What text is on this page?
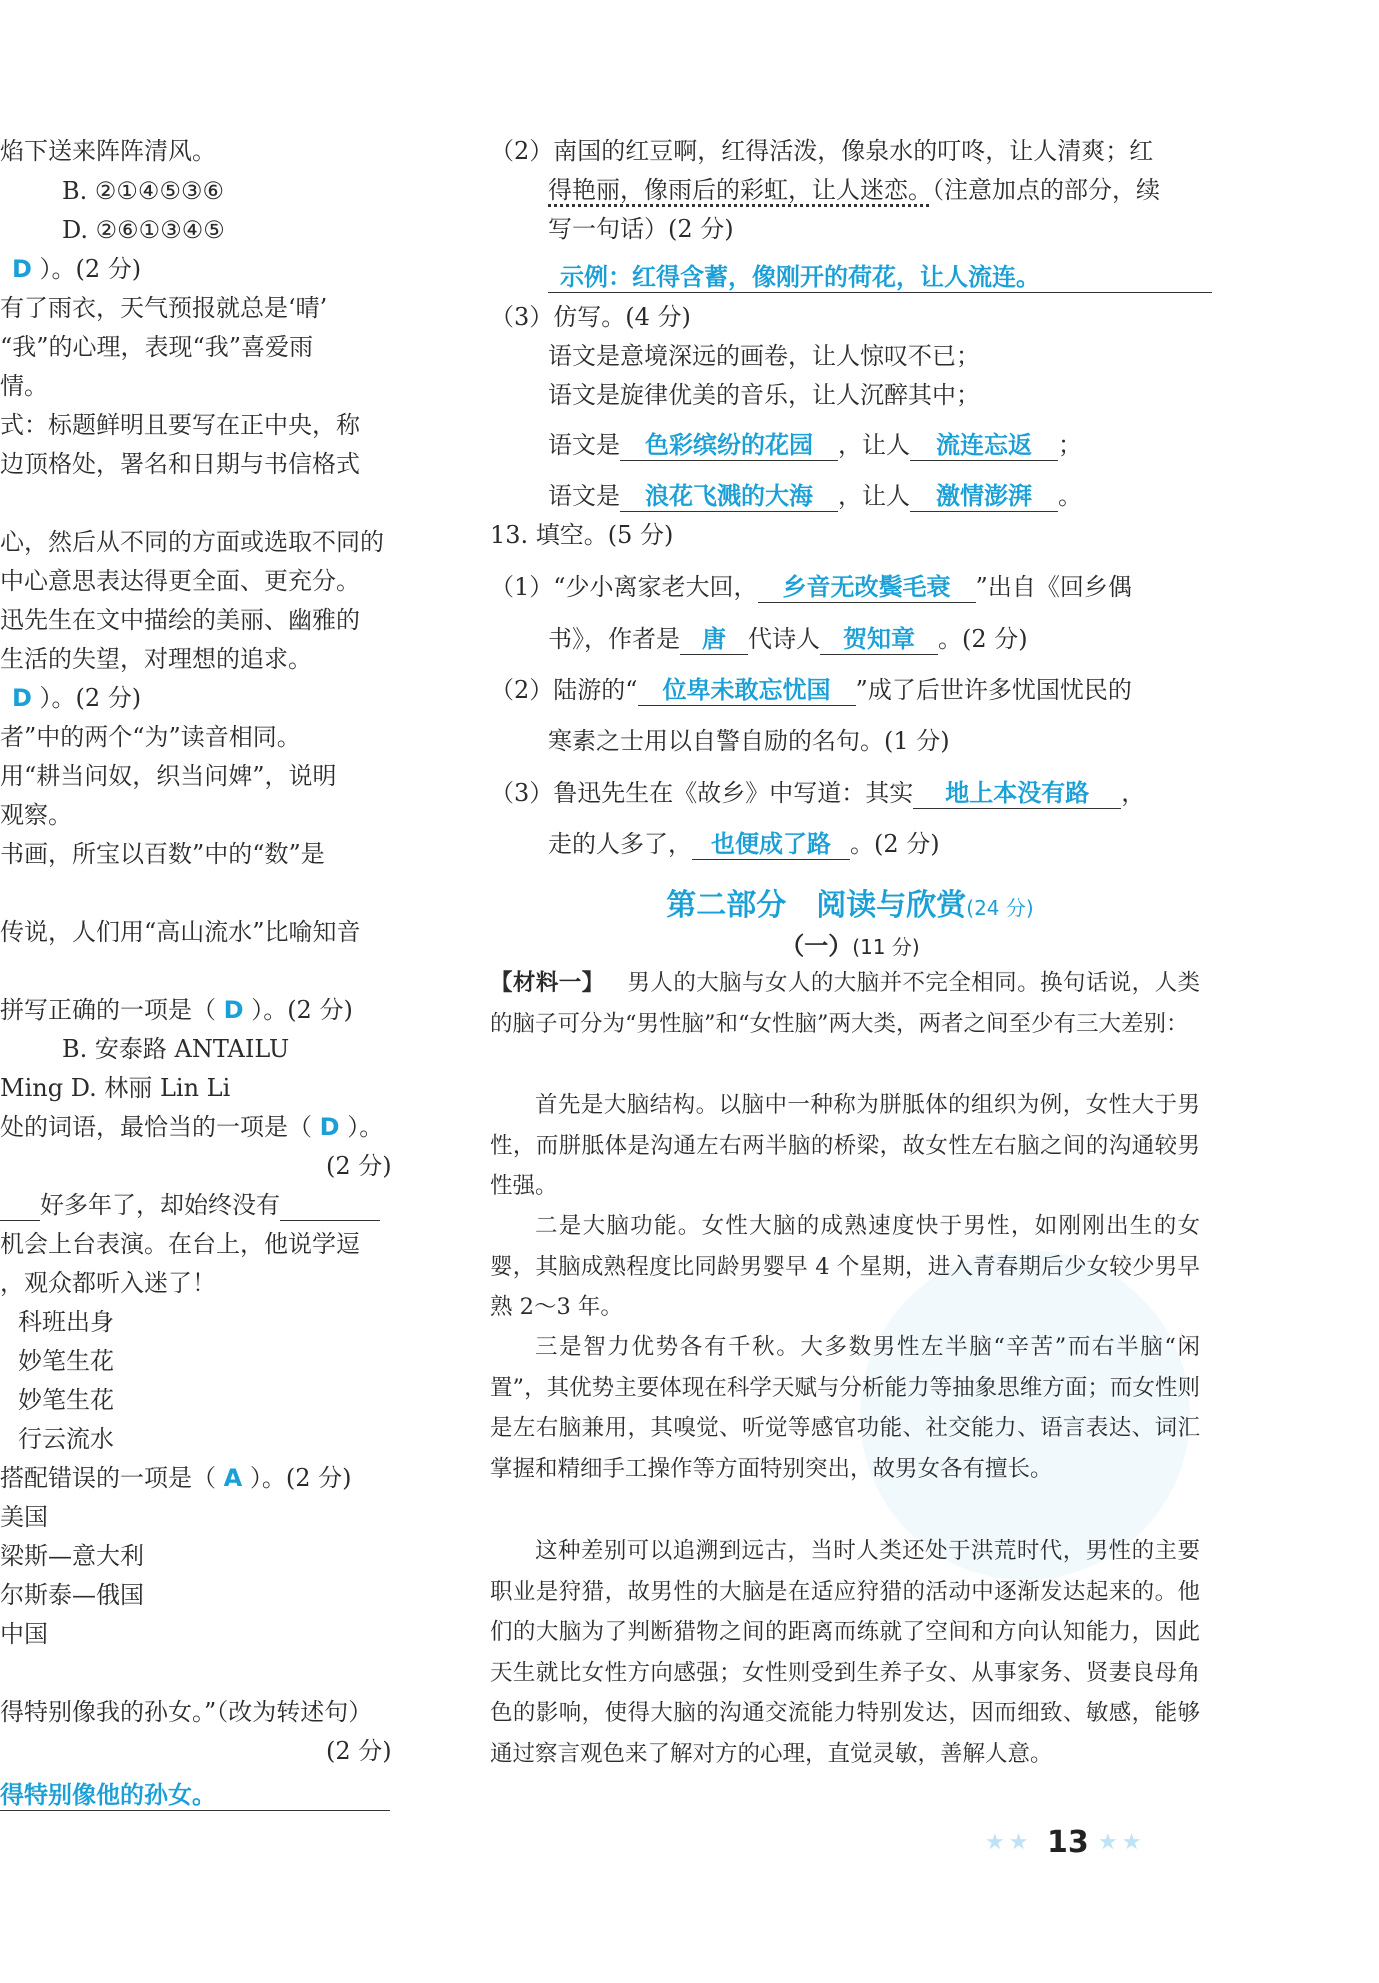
焰下送来阵阵清风。
B. ②①④⑤③⑥
D. ②⑥①③④⑤
D ）。(2 分)
有了雨衣，天气预报就总是‘晴’
“我”的心理，表现“我”喜爱雨
情。
式：标题鲜明且要写在正中央，称
边顶格处，署名和日期与书信格式
心，然后从不同的方面或选取不同的
中心意思表达得更全面、更充分。
迅先生在文中描绘的美丽、幽雅的
生活的失望，对理想的追求。
D ）。(2 分)
者”中的两个“为”读音相同。
用“耕当问奴，织当问婢”，说明
观察。
书画，所宝以百数”中的“数”是
传说，人们用“高山流水”比喻知音
拼写正确的一项是（ D ）。(2 分)
B. 安泰路 ANTAILU
Ming D. 林丽 Lin Li
处的词语，最恰当的一项是（ D ）。
(2 分)
好多年了，却始终没有
机会上台表演。在台上，他说学逗
，观众都听入迷了！
科班出身
妙笔生花
妙笔生花
行云流水
搭配错误的一项是（ A ）。(2 分)
美国
梁斯—意大利
尔斯泰—俄国
中国
得特别像我的孙女。”（改为转述句）
(2 分)
得特别像他的孙女。
（2）南国的红豆啊，红得活泼，像泉水的叮咚，让人清爽；红
得艳丽，像雨后的彩虹，让人迷恋。（注意加点的部分，续
写一句话）(2 分)
示例：红得含蓄，像刚开的荷花，让人流连。
（3）仿写。(4 分)
语文是意境深远的画卷，让人惊叹不已；
语文是旋律优美的音乐，让人沉醉其中；
语文是 色彩缤纷的花园 ，让人 流连忘返 ；
语文是 浪花飞溅的大海 ，让人 激情澎湃 。
13. 填空。(5 分)
（1）“少小离家老大回， 乡音无改鬓毛衰 ”出自《回乡偶
书》，作者是 唐 代诗人 贺知章 。(2 分)
（2）陆游的“ 位卑未敢忘忧国 ”成了后世许多忧国忧民的
寒素之士用以自警自励的名句。(1 分)
（3）鲁迅先生在《故乡》中写道：其实 地上本没有路 ，
走的人多了， 也便成了路 。(2 分)
第二部分　阅读与欣赏(24 分)
（一）(11 分)
【材料一】  男人的大脑与女人的大脑并不完全相同。换句话说，人类的脑子可分为“男性脑”和“女性脑”两大类，两者之间至少有三大差别：
首先是大脑结构。以脑中一种称为胼胝体的组织为例，女性大于男性，而胼胝体是沟通左右两半脑的桥梁，故女性左右脑之间的沟通较男性强。
二是大脑功能。女性大脑的成熟速度快于男性，如刚刚出生的女婴，其脑成熟程度比同龄男婴早 4 个星期，进入青春期后少女较少男早熟 2～3 年。
三是智力优势各有千秋。大多数男性左半脑“辛苦”而右半脑“闲置”，其优势主要体现在科学天赋与分析能力等抽象思维方面；而女性则是左右脑兼用，其嗅觉、听觉等感官功能、社交能力、语言表达、词汇掌握和精细手工操作等方面特别突出，故男女各有擅长。
这种差别可以追溯到远古，当时人类还处于洪荒时代，男性的主要职业是狩猎，故男性的大脑是在适应狩猎的活动中逐渐发达起来的。他们的大脑为了判断猎物之间的距离而练就了空间和方向认知能力，因此天生就比女性方向感强；女性则受到生养子女、从事家务、贤妻良母角色的影响，使得大脑的沟通交流能力特别发达，因而细致、敏感，能够通过察言观色来了解对方的心理，直觉灵敏，善解人意。
★★ 13 ★★
